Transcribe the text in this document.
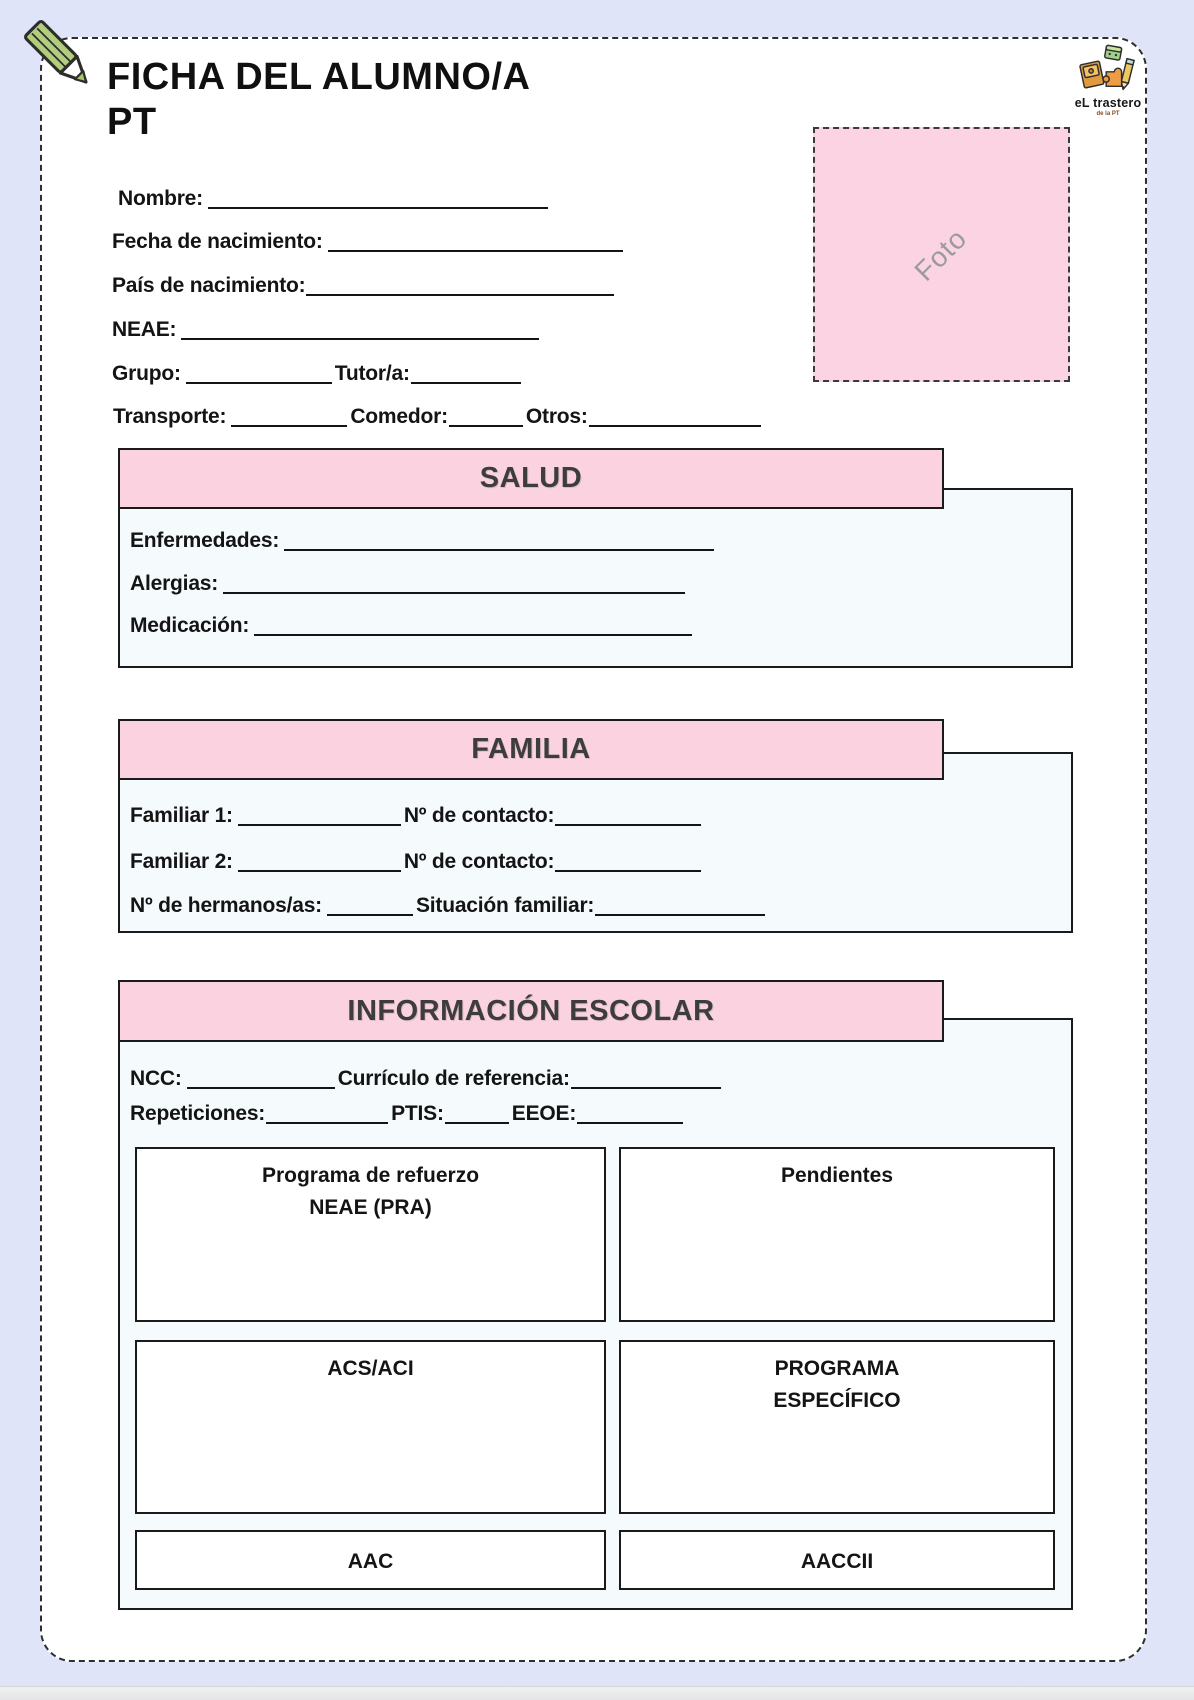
FICHA DEL ALUMNO/A
PT	eL trastero
de la PT
Foto
Nombre:
Fecha de nacimiento:
País de nacimiento:
NEAE:
Grupo:	Tutor/a:
Transporte:	Comedor:	Otros:
Enfermedades:
Alergias:
Medicación:
SALUD
Familiar 1:	Nº de contacto:
Familiar 2:	Nº de contacto:
Nº de hermanos/as:	Situación familiar:
FAMILIA
NCC:	Currículo de referencia:
Repeticiones:	PTIS:	EEOE:
Programa de refuerzo
NEAE (PRA)
Pendientes
ACS/ACI	PROGRAMA
ESPECÍFICO
AAC	AACCII
INFORMACIÓN ESCOLAR
